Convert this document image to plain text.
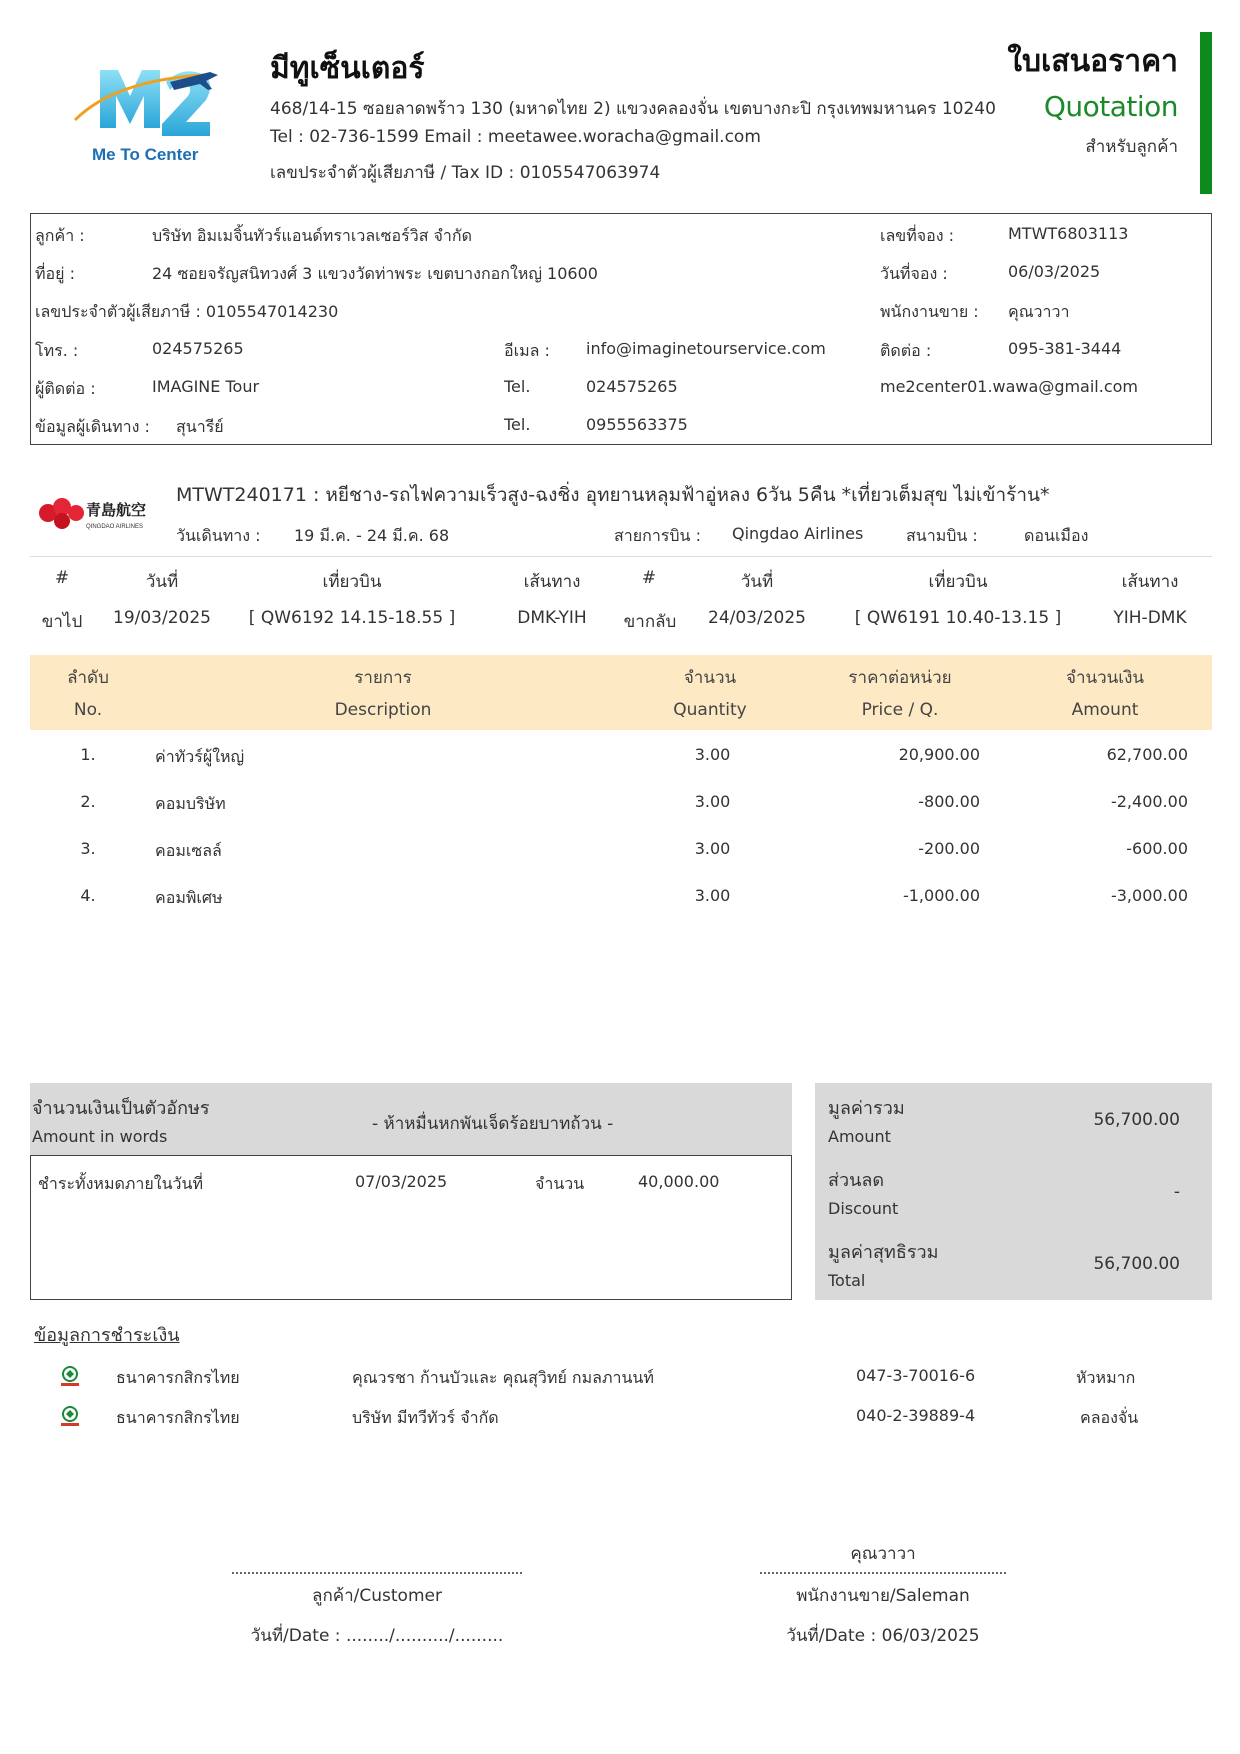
Me To Center
มีทูเซ็นเตอร์
468/14-15 ซอยลาดพร้าว 130 (มหาดไทย 2) แขวงคลองจั่น เขตบางกะปิ กรุงเทพมหานคร 10240
Tel : 02-736-1599 Email : meetawee.woracha@gmail.com
เลขประจำตัวผู้เสียภาษี / Tax ID : 0105547063974
ใบเสนอราคา
Quotation
สำหรับลูกค้า
ลูกค้า :	บริษัท อิมเมจิ้นทัวร์แอนด์ทราเวลเซอร์วิส จำกัด	เลขที่จอง :	MTWT6803113
ที่อยู่ :	24 ซอยจรัญสนิทวงศ์ 3 แขวงวัดท่าพระ เขตบางกอกใหญ่ 10600	วันที่จอง :	06/03/2025
เลขประจำตัวผู้เสียภาษี : 0105547014230	พนักงานขาย : คุณวาวา
โทร. :	024575265	อีเมล : info@imaginetourservice.com	ติดต่อ :	095-381-3444
ผู้ติดต่อ :	IMAGINE Tour	Tel.	024575265	me2center01.wawa@gmail.com
ข้อมูลผู้เดินทาง : สุนารีย์	Tel.	0955563375
青島航空
QINGDAO AIRLINES
MTWT240171 : หยีชาง-รถไฟความเร็วสูง-ฉงชิ่ง อุทยานหลุมฟ้าอู่หลง 6วัน 5คืน *เที่ยวเต็มสุข ไม่เข้าร้าน*
วันเดินทาง : 19 มี.ค. - 24 มี.ค. 68	สายการบิน : Qingdao Airlines	สนามบิน :	ดอนเมือง
#	วันที่	เที่ยวบิน	เส้นทาง	#	วันที่	เที่ยวบิน	เส้นทาง
ขาไป	19/03/2025	[ QW6192 14.15-18.55 ]	DMK-YIH	ขากลับ	24/03/2025	[ QW6191 10.40-13.15 ]	YIH-DMK
ลำดับ	รายการ	จำนวน	ราคาต่อหน่วย	จำนวนเงิน
No.	Description	Quantity	Price / Q.	Amount
1.	ค่าทัวร์ผู้ใหญ่	3.00	20,900.00	62,700.00
2.	คอมบริษัท	3.00	-800.00	-2,400.00
3.	คอมเซลล์	3.00	-200.00	-600.00
4.	คอมพิเศษ	3.00	-1,000.00	-3,000.00
จำนวนเงินเป็นตัวอักษร
Amount in words
- ห้าหมื่นหกพันเจ็ดร้อยบาทถ้วน -
ชำระทั้งหมดภายในวันที่	07/03/2025	จำนวน	40,000.00
มูลค่ารวม
Amount
56,700.00
ส่วนลด
Discount
-
มูลค่าสุทธิรวม
Total
56,700.00
ข้อมูลการชำระเงิน
ธนาคารกสิกรไทย	คุณวรชา ก้านบัวและ คุณสุวิทย์ กมลภานนท์	047-3-70016-6	หัวหมาก
ธนาคารกสิกรไทย	บริษัท มีทวีทัวร์ จำกัด	040-2-39889-4	คลองจั่น
ลูกค้า/Customer
วันที่/Date : ......../........../.........
คุณวาวา
พนักงานขาย/Saleman
วันที่/Date : 06/03/2025
